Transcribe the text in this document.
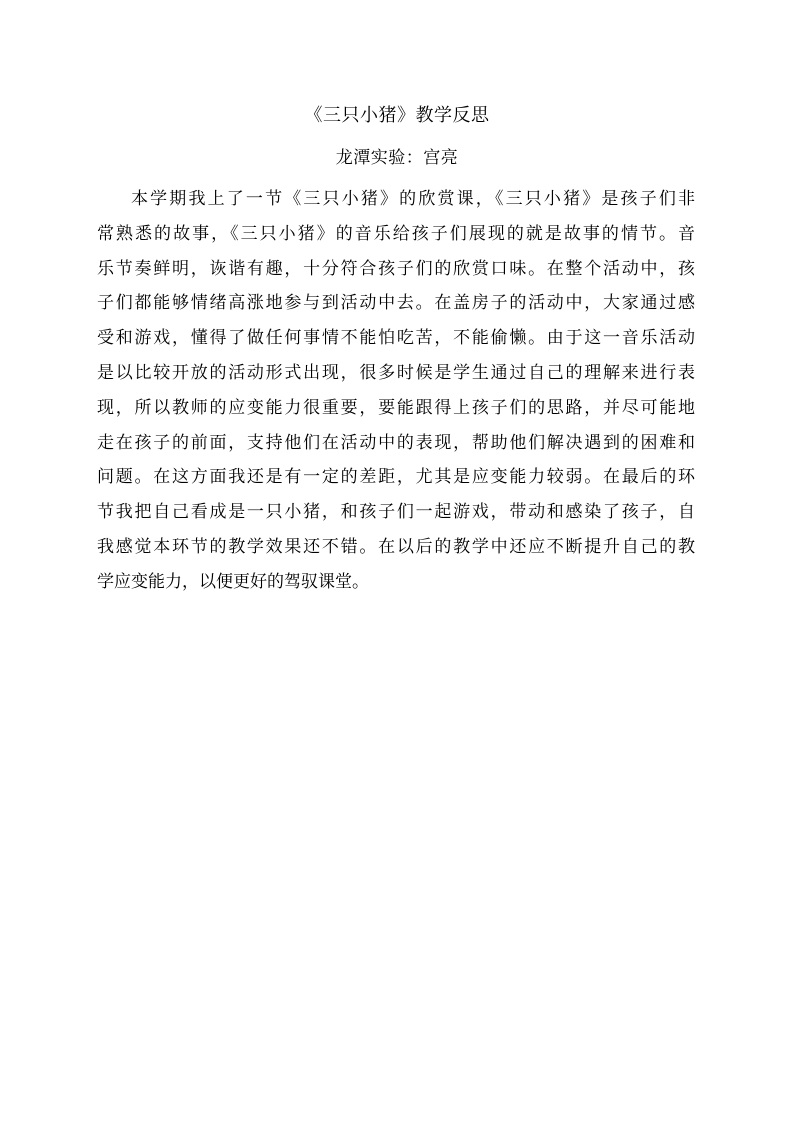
《三只小猪》教学反思
龙潭实验：宫亮
本学期我上了一节《三只小猪》的欣赏课，《三只小猪》是孩子们非
常熟悉的故事，《三只小猪》的音乐给孩子们展现的就是故事的情节。音
乐节奏鲜明，诙谐有趣，十分符合孩子们的欣赏口味。在整个活动中，孩
子们都能够情绪高涨地参与到活动中去。在盖房子的活动中，大家通过感
受和游戏，懂得了做任何事情不能怕吃苦，不能偷懒。由于这一音乐活动
是以比较开放的活动形式出现，很多时候是学生通过自己的理解来进行表
现，所以教师的应变能力很重要，要能跟得上孩子们的思路，并尽可能地
走在孩子的前面，支持他们在活动中的表现，帮助他们解决遇到的困难和
问题。在这方面我还是有一定的差距，尤其是应变能力较弱。在最后的环
节我把自己看成是一只小猪，和孩子们一起游戏，带动和感染了孩子，自
我感觉本环节的教学效果还不错。在以后的教学中还应不断提升自己的教
学应变能力，以便更好的驾驭课堂。
